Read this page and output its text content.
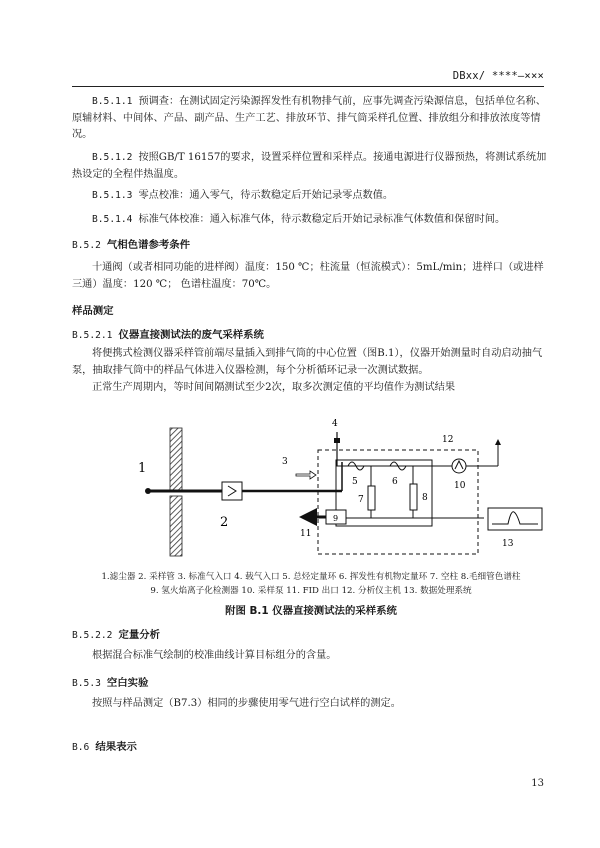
DBxx/ ****—×××
B.5.1.1 预调查：在测试固定污染源挥发性有机物排气前，应事先调查污染源信息，包括单位名称、原辅材料、中间体、产品、副产品、生产工艺、排放环节、排气筒采样孔位置、排放组分和排放浓度等情况。
B.5.1.2 按照GB/T 16157的要求，设置采样位置和采样点。接通电源进行仪器预热，将测试系统加热设定的全程伴热温度。
B.5.1.3 零点校准：通入零气，待示数稳定后开始记录零点数值。
B.5.1.4 标准气体校准：通入标准气体，待示数稳定后开始记录标准气体数值和保留时间。
B.5.2 气相色谱参考条件
十通阀（或者相同功能的进样阀）温度：150 ℃；柱流量（恒流模式）：5mL/min；进样口（或进样三通）温度：120 ℃； 色谱柱温度：70℃。
样品测定
B.5.2.1 仪器直接测试法的废气采样系统
将便携式检测仪器采样管前端尽量插入到排气筒的中心位置（图B.1），仪器开始测量时自动启动抽气泵，抽取排气筒中的样品气体进入仪器检测，每个分析循环记录一次测试数据。
正常生产周期内，等时间间隔测试至少2次，取多次测定值的平均值作为测试结果
1
2
3
4
5	6
7	8
9
10
11
12
13
1.滤尘器 2. 采样管 3. 标准气入口 4. 载气入口 5. 总烃定量环 6. 挥发性有机物定量环 7. 空柱 8.毛细管色谱柱
9. 氢火焰离子化检测器 10. 采样泵 11. FID 出口 12. 分析仪主机 13. 数据处理系统
附图 B.1 仪器直接测试法的采样系统
B.5.2.2 定量分析
根据混合标准气绘制的校准曲线计算目标组分的含量。
B.5.3 空白实验
按照与样品测定（B7.3）相同的步骤使用零气进行空白试样的测定。
B.6 结果表示
13
